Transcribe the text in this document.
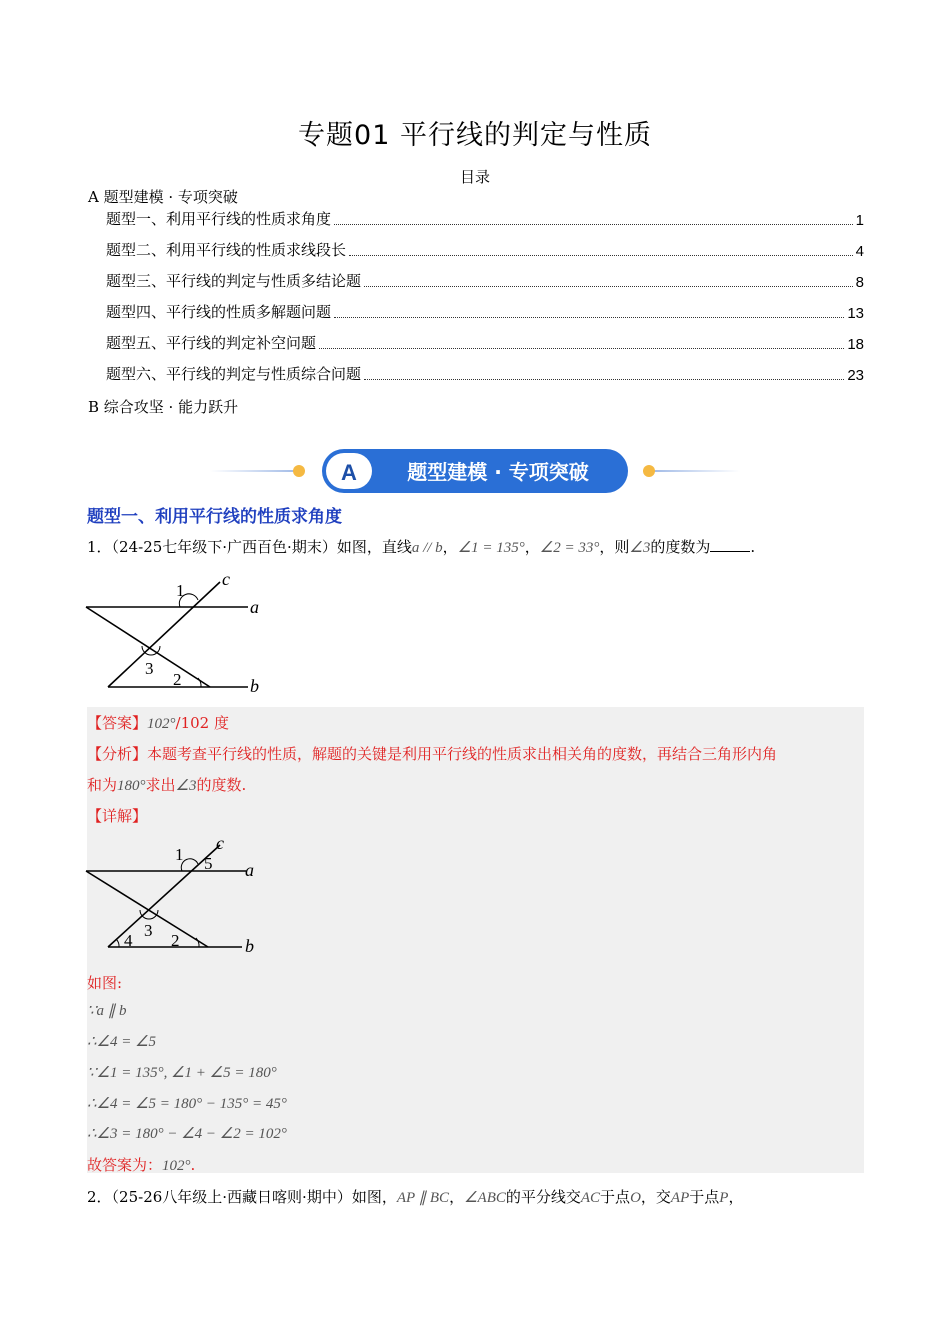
专题01 平行线的判定与性质
目录
A 题型建模 · 专项突破
题型一、利用平行线的性质求角度	1
题型二、利用平行线的性质求线段长	4
题型三、平行线的判定与性质多结论题	8
题型四、平行线的性质多解题问题	13
题型五、平行线的判定补空问题	18
题型六、平行线的判定与性质综合问题	23
B 综合攻坚 · 能力跃升
A	题型建模 · 专项突破
题型一、利用平行线的性质求角度
1．（24-25七年级下·广西百色·期末）如图，直线a // b，∠1 = 135°，∠2 = 33°，则∠3的度数为	.
1
3
2
a
b
c
【答案】102°/102 度
【分析】本题考查平行线的性质，解题的关键是利用平行线的性质求出相关角的度数，再结合三角形内角
和为180°求出∠3的度数.
【详解】
1 5
3
4 2
a
b
c
如图:
∵a ∥ b
∴∠4 = ∠5
∵∠1 = 135°, ∠1 + ∠5 = 180°
∴∠4 = ∠5 = 180° − 135° = 45°
∴∠3 = 180° − ∠4 − ∠2 = 102°
故答案为：102°.
2．（25-26八年级上·西藏日喀则·期中）如图，AP ∥ BC，∠ABC的平分线交AC于点O，交AP于点P，
